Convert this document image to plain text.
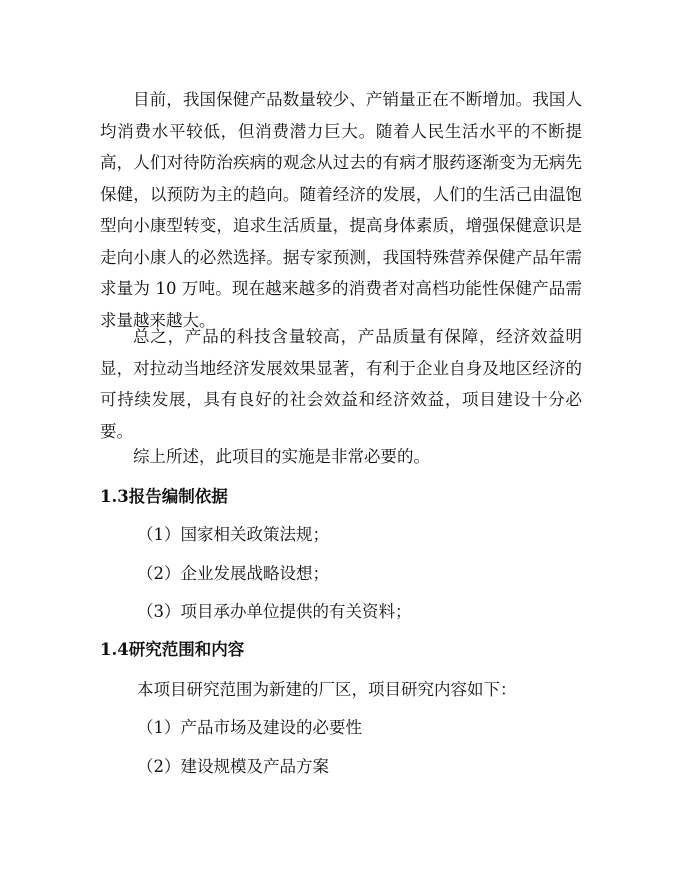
目前，我国保健产品数量较少、产销量正在不断增加。我国人均消费水平较低，但消费潜力巨大。随着人民生活水平的不断提高，人们对待防治疾病的观念从过去的有病才服药逐渐变为无病先保健，以预防为主的趋向。随着经济的发展，人们的生活己由温饱型向小康型转变，追求生活质量，提高身体素质，增强保健意识是走向小康人的必然选择。据专家预测，我国特殊营养保健产品年需求量为 10 万吨。现在越来越多的消费者对高档功能性保健产品需求量越来越大。

总之，产品的科技含量较高，产品质量有保障，经济效益明显，对拉动当地经济发展效果显著，有利于企业自身及地区经济的可持续发展，具有良好的社会效益和经济效益，项目建设十分必要。

综上所述，此项目的实施是非常必要的。

1.3报告编制依据

（1）国家相关政策法规；

（2）企业发展战略设想；

（3）项目承办单位提供的有关资料；

1.4研究范围和内容

本项目研究范围为新建的厂区，项目研究内容如下：

（1）产品市场及建设的必要性

（2）建设规模及产品方案
